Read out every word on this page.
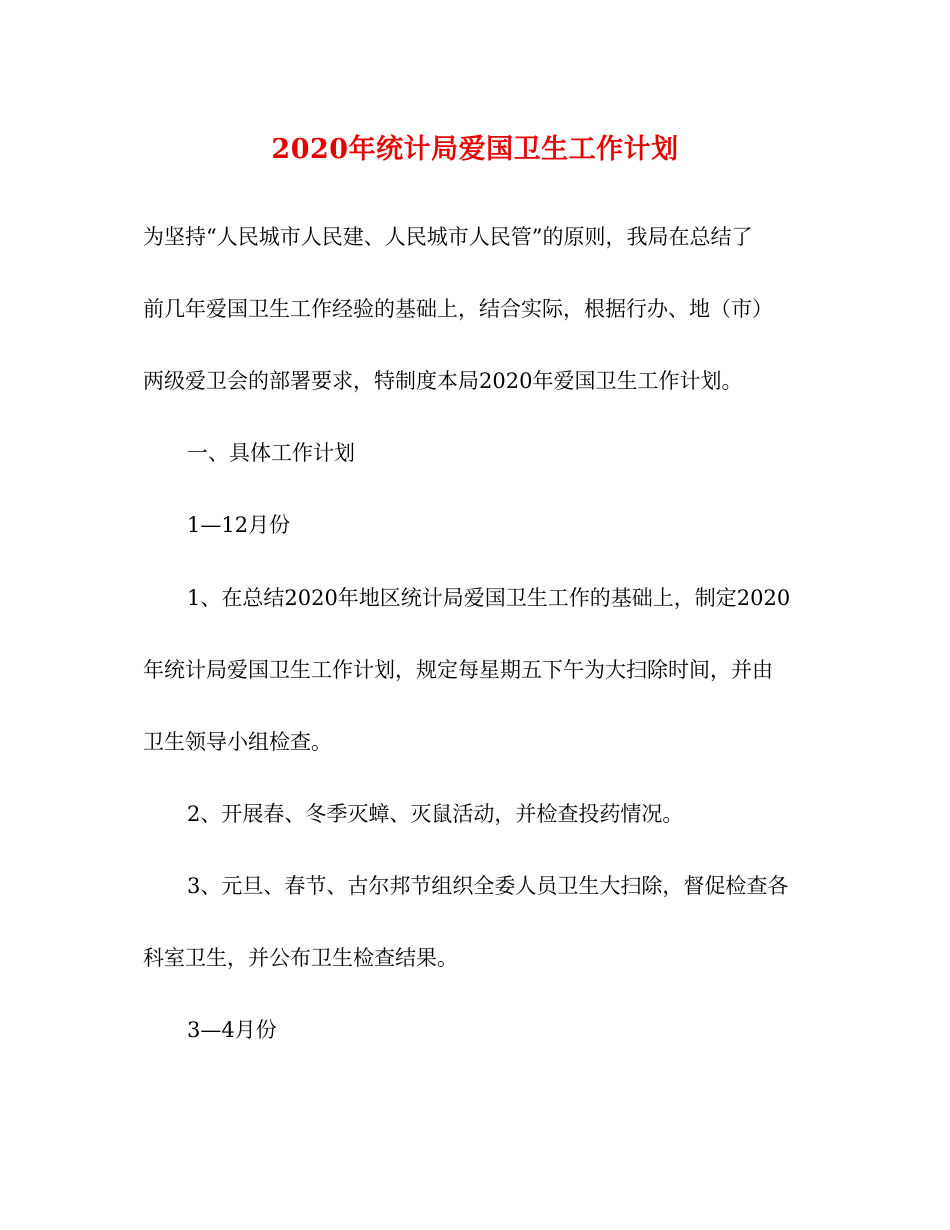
2020年统计局爱国卫生工作计划
为坚持“人民城市人民建、人民城市人民管”的原则，我局在总结了
前几年爱国卫生工作经验的基础上，结合实际，根据行办、地（市）
两级爱卫会的部署要求，特制度本局2020年爱国卫生工作计划。
一、具体工作计划
1—12月份
1、在总结2020年地区统计局爱国卫生工作的基础上，制定2020
年统计局爱国卫生工作计划，规定每星期五下午为大扫除时间，并由
卫生领导小组检查。
2、开展春、冬季灭蟑、灭鼠活动，并检查投药情况。
3、元旦、春节、古尔邦节组织全委人员卫生大扫除，督促检查各
科室卫生，并公布卫生检查结果。
3—4月份
